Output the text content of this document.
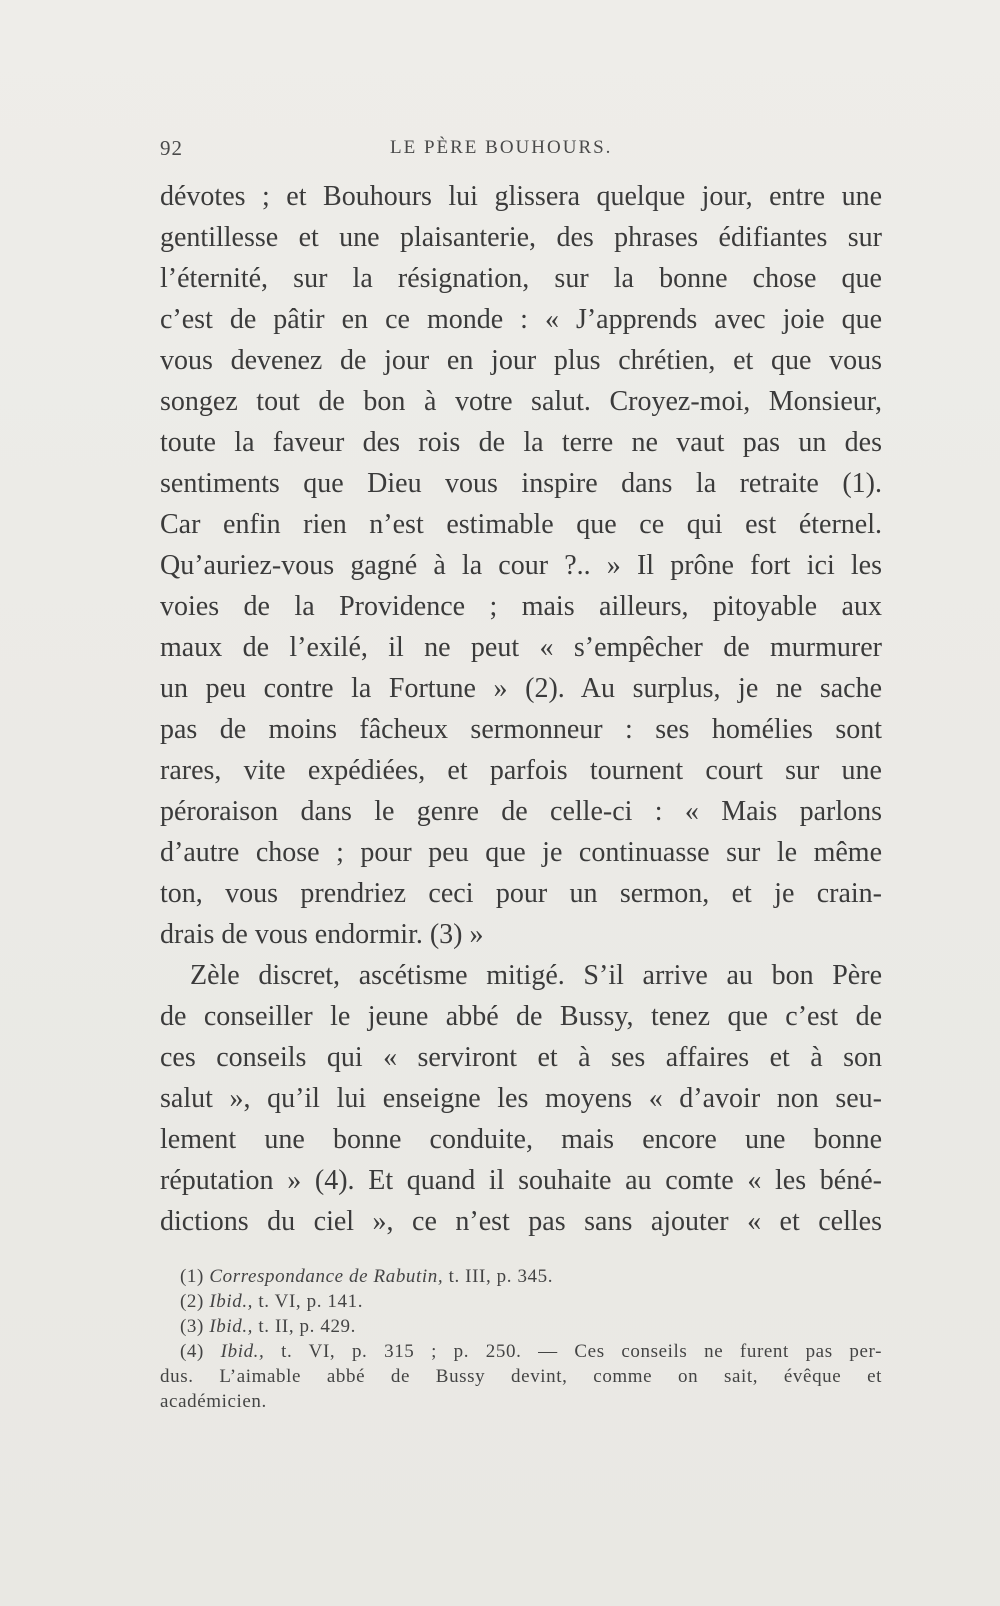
92	LE PÈRE BOUHOURS.
dévotes ; et Bouhours lui glissera quelque jour, entre une
gentillesse et une plaisanterie, des phrases édifiantes sur
l’éternité, sur la résignation, sur la bonne chose que
c’est de pâtir en ce monde : « J’apprends avec joie que
vous devenez de jour en jour plus chrétien, et que vous
songez tout de bon à votre salut. Croyez-moi, Monsieur,
toute la faveur des rois de la terre ne vaut pas un des
sentiments que Dieu vous inspire dans la retraite (1).
Car enfin rien n’est estimable que ce qui est éternel.
Qu’auriez-vous gagné à la cour ?.. » Il prône fort ici les
voies de la Providence ; mais ailleurs, pitoyable aux
maux de l’exilé, il ne peut « s’empêcher de murmurer
un peu contre la Fortune » (2). Au surplus, je ne sache
pas de moins fâcheux sermonneur : ses homélies sont
rares, vite expédiées, et parfois tournent court sur une
péroraison dans le genre de celle-ci : « Mais parlons
d’autre chose ; pour peu que je continuasse sur le même
ton, vous prendriez ceci pour un sermon, et je crain-
drais de vous endormir. (3) »
Zèle discret, ascétisme mitigé. S’il arrive au bon Père
de conseiller le jeune abbé de Bussy, tenez que c’est de
ces conseils qui « serviront et à ses affaires et à son
salut », qu’il lui enseigne les moyens « d’avoir non seu-
lement une bonne conduite, mais encore une bonne
réputation » (4). Et quand il souhaite au comte « les béné-
dictions du ciel », ce n’est pas sans ajouter « et celles
(1) Correspondance de Rabutin, t. III, p. 345.
(2) Ibid., t. VI, p. 141.
(3) Ibid., t. II, p. 429.
(4) Ibid., t. VI, p. 315 ; p. 250. — Ces conseils ne furent pas per-
dus. L’aimable abbé de Bussy devint, comme on sait, évêque et
académicien.
